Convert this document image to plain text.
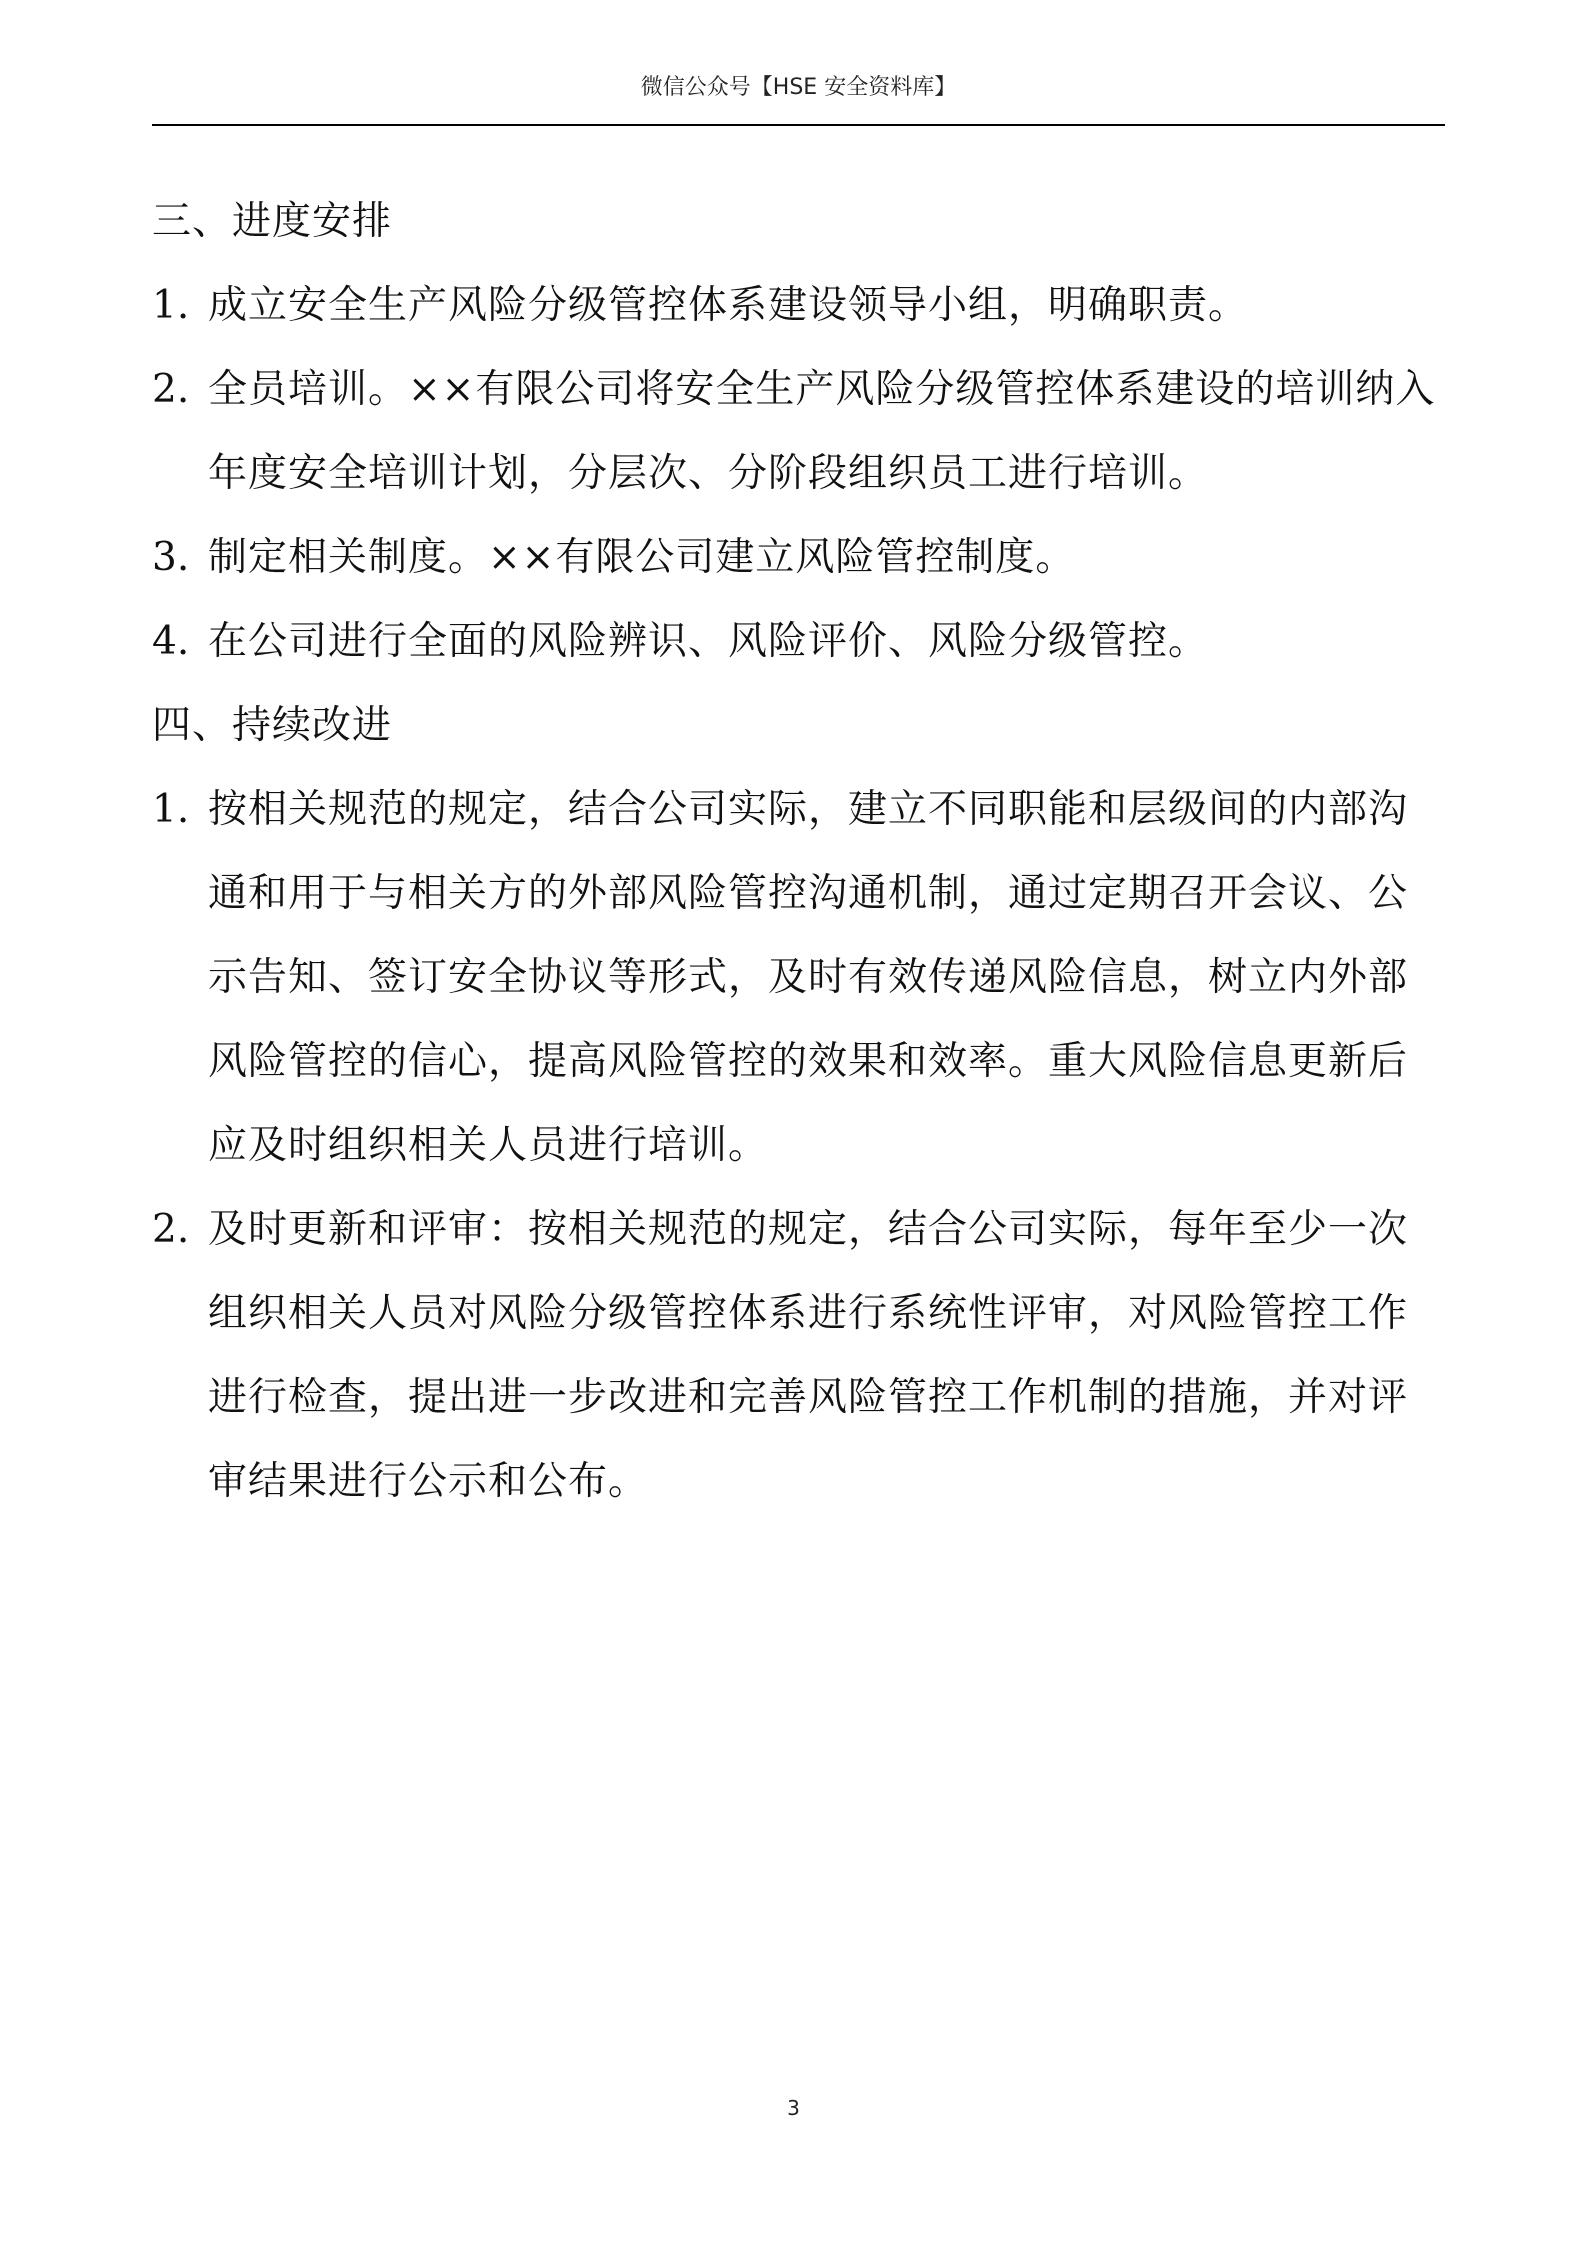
微信公众号【HSE 安全资料库】
三、进度安排
1. 成立安全生产风险分级管控体系建设领导小组，明确职责。
2. 全员培训。××有限公司将安全生产风险分级管控体系建设的培训纳入年度安全培训计划，分层次、分阶段组织员工进行培训。
3. 制定相关制度。××有限公司建立风险管控制度。
4. 在公司进行全面的风险辨识、风险评价、风险分级管控。
四、持续改进
1. 按相关规范的规定，结合公司实际，建立不同职能和层级间的内部沟通和用于与相关方的外部风险管控沟通机制，通过定期召开会议、公示告知、签订安全协议等形式，及时有效传递风险信息，树立内外部风险管控的信心，提高风险管控的效果和效率。重大风险信息更新后应及时组织相关人员进行培训。
2. 及时更新和评审：按相关规范的规定，结合公司实际，每年至少一次组织相关人员对风险分级管控体系进行系统性评审，对风险管控工作进行检查，提出进一步改进和完善风险管控工作机制的措施，并对评审结果进行公示和公布。
3
